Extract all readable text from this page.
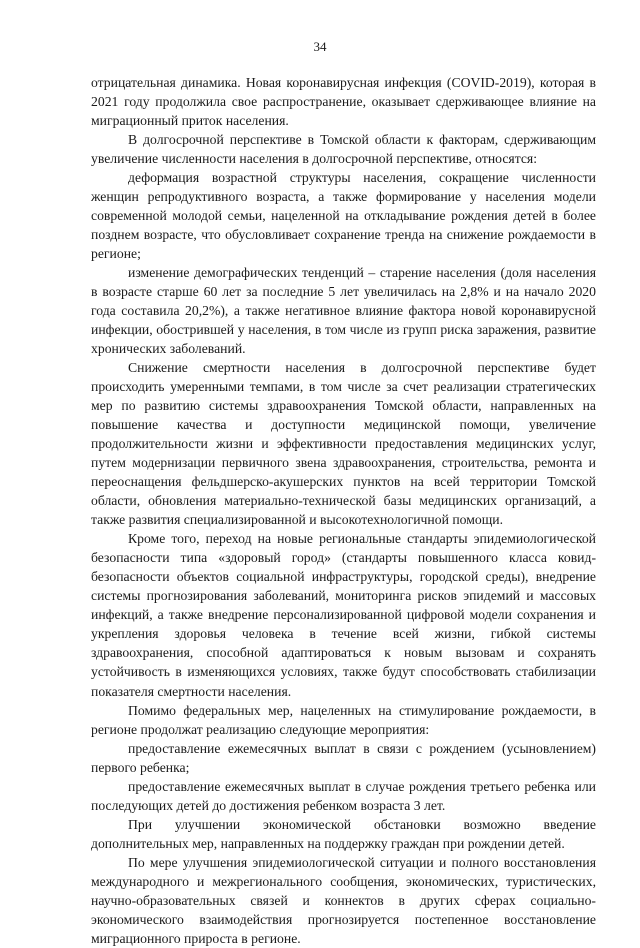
34

отрицательная динамика. Новая коронавирусная инфекция (COVID-2019), которая в 2021 году продолжила свое распространение, оказывает сдерживающее влияние на миграционный приток населения.

В долгосрочной перспективе в Томской области к факторам, сдерживающим увеличение численности населения в долгосрочной перспективе, относятся:

деформация возрастной структуры населения, сокращение численности женщин репродуктивного возраста, а также формирование у населения модели современной молодой семьи, нацеленной на откладывание рождения детей в более позднем возрасте, что обусловливает сохранение тренда на снижение рождаемости в регионе;

изменение демографических тенденций – старение населения (доля населения в возрасте старше 60 лет за последние 5 лет увеличилась на 2,8% и на начало 2020 года составила 20,2%), а также негативное влияние фактора новой коронавирусной инфекции, обострившей у населения, в том числе из групп риска заражения, развитие хронических заболеваний.

Снижение смертности населения в долгосрочной перспективе будет происходить умеренными темпами, в том числе за счет реализации стратегических мер по развитию системы здравоохранения Томской области, направленных на повышение качества и доступности медицинской помощи, увеличение продолжительности жизни и эффективности предоставления медицинских услуг, путем модернизации первичного звена здравоохранения, строительства, ремонта и переоснащения фельдшерско-акушерских пунктов на всей территории Томской области, обновления материально-технической базы медицинских организаций, а также развития специализированной и высокотехнологичной помощи.

Кроме того, переход на новые региональные стандарты эпидемиологической безопасности типа «здоровый город» (стандарты повышенного класса ковид-безопасности объектов социальной инфраструктуры, городской среды), внедрение системы прогнозирования заболеваний, мониторинга рисков эпидемий и массовых инфекций, а также внедрение персонализированной цифровой модели сохранения и укрепления здоровья человека в течение всей жизни, гибкой системы здравоохранения, способной адаптироваться к новым вызовам и сохранять устойчивость в изменяющихся условиях, также будут способствовать стабилизации показателя смертности населения.

Помимо федеральных мер, нацеленных на стимулирование рождаемости, в регионе продолжат реализацию следующие мероприятия:

предоставление ежемесячных выплат в связи с рождением (усыновлением) первого ребенка;

предоставление ежемесячных выплат в случае рождения третьего ребенка или последующих детей до достижения ребенком возраста 3 лет.

При улучшении экономической обстановки возможно введение дополнительных мер, направленных на поддержку граждан при рождении детей.

По мере улучшения эпидемиологической ситуации и полного восстановления международного и межрегионального сообщения, экономических, туристических, научно-образовательных связей и коннектов в других сферах социально-экономического взаимодействия прогнозируется постепенное восстановление миграционного прироста в регионе.
